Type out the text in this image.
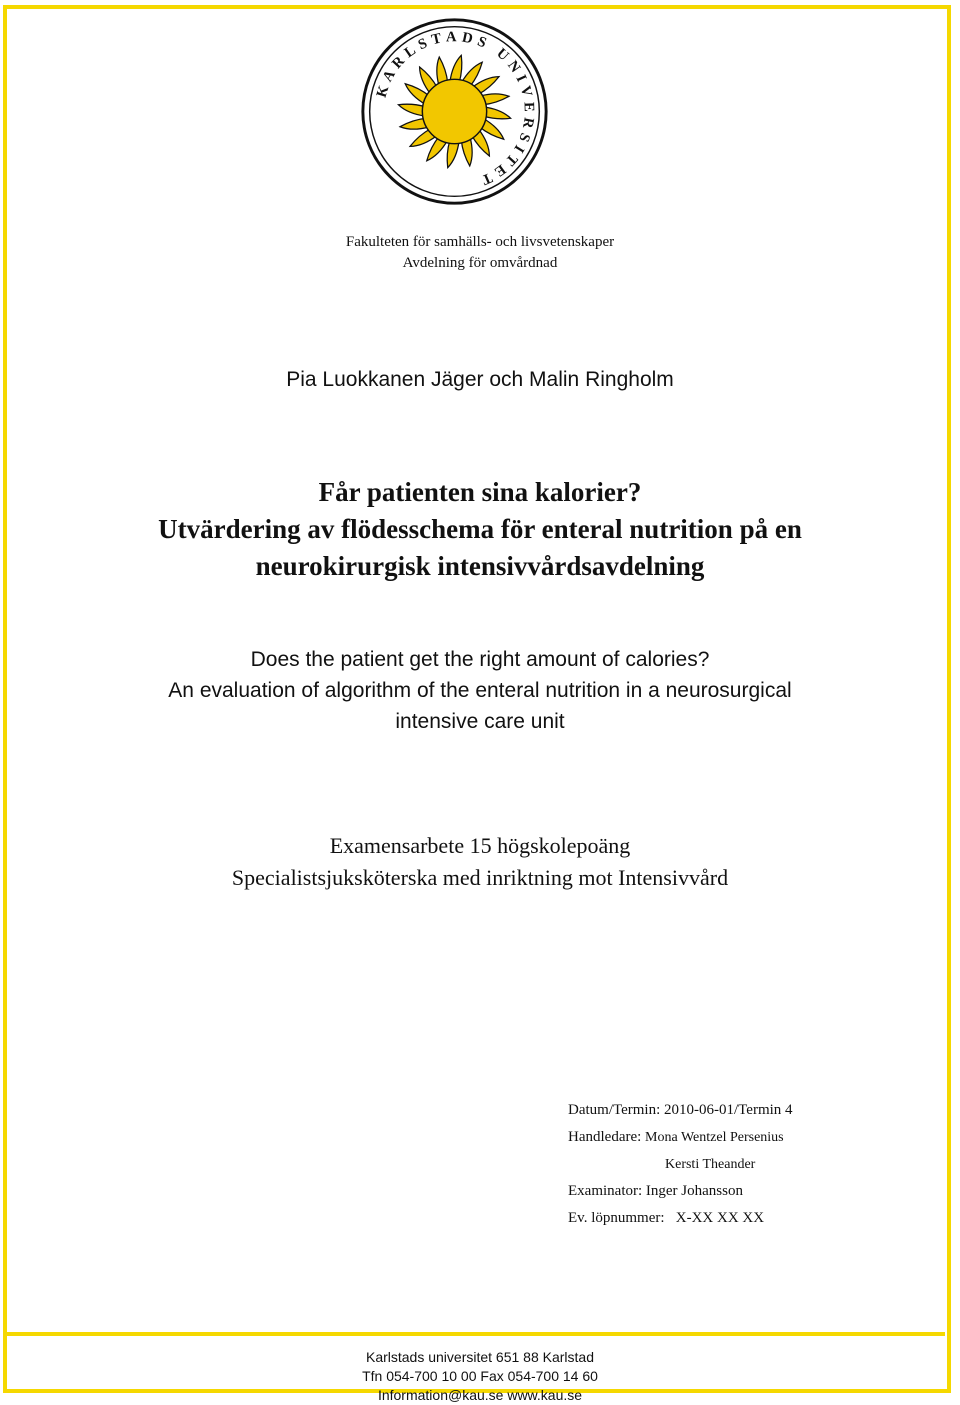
KARLSTADS UNIVERSITET
Fakulteten för samhälls- och livsvetenskaper
Avdelning för omvårdnad
Pia Luokkanen Jäger och Malin Ringholm
Får patienten sina kalorier?
Utvärdering av flödesschema för enteral nutrition på en
neurokirurgisk intensivvårdsavdelning
Does the patient get the right amount of calories?
An evaluation of algorithm of the enteral nutrition in a neurosurgical
intensive care unit
Examensarbete 15 högskolepoäng
Specialistsjuksköterska med inriktning mot Intensivvård
Datum/Termin: 2010-06-01/Termin 4
Handledare: Mona Wentzel Persenius
Kersti Theander
Examinator: Inger Johansson
Ev. löpnummer: X-XX XX XX
Karlstads universitet 651 88 Karlstad
Tfn 054-700 10 00 Fax 054-700 14 60
Information@kau.se www.kau.se
